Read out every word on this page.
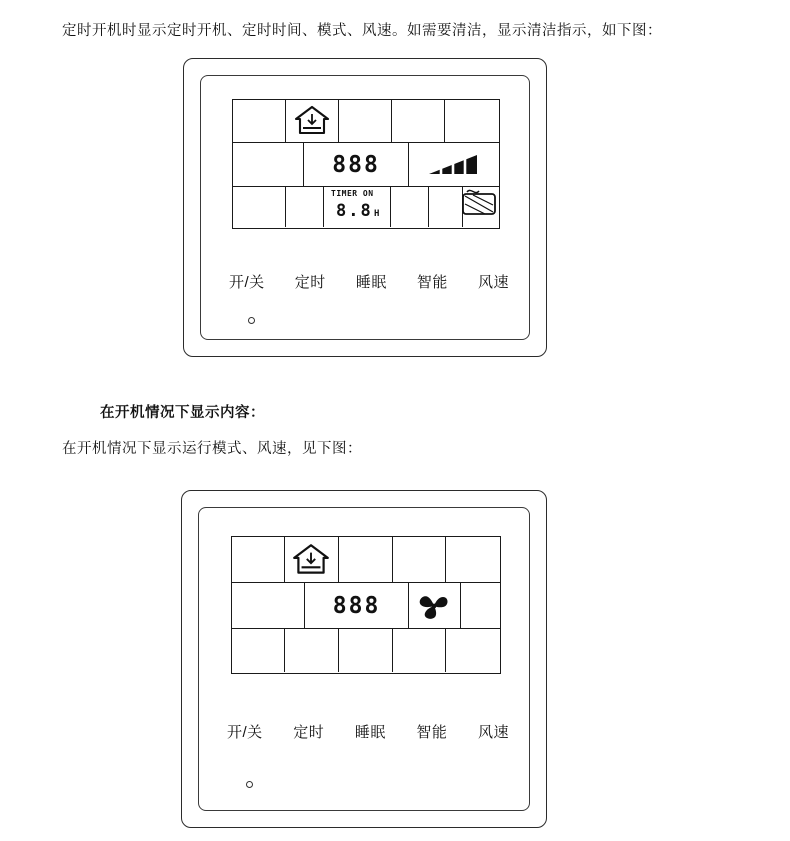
定时开机时显示定时开机、定时时间、模式、风速。如需要清洁，显示清洁指示，如下图：
888
TIMER ON
8.8 H
开/关 定时 睡眠 智能 风速
在开机情况下显示内容：
在开机情况下显示运行模式、风速，见下图：
888
开/关 定时 睡眠 智能 风速
